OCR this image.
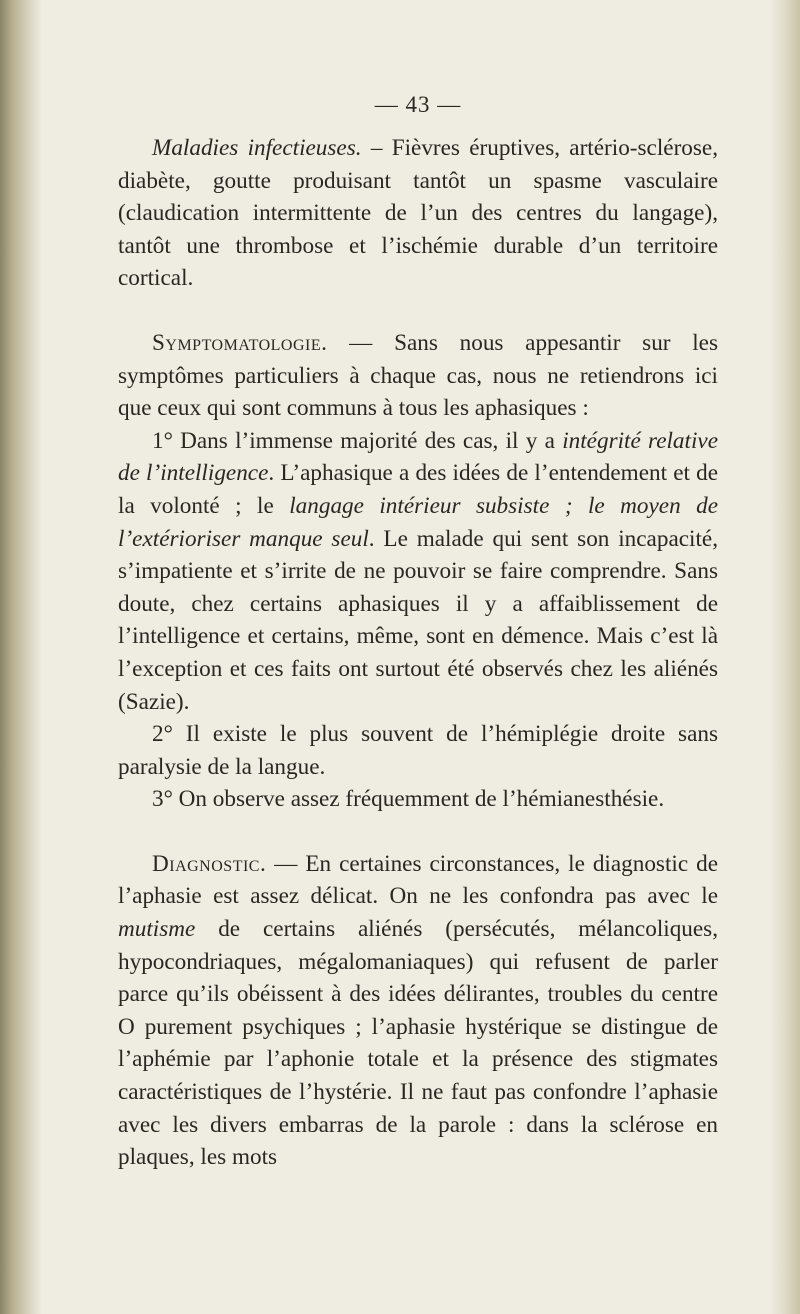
— 43 —

Maladies infectieuses. – Fièvres éruptives, artério-sclérose, diabète, goutte produisant tantôt un spasme vasculaire (claudication intermittente de l’un des centres du langage), tantôt une thrombose et l’ischémie durable d’un territoire cortical.

Symptomatologie. — Sans nous appesantir sur les symptômes particuliers à chaque cas, nous ne retiendrons ici que ceux qui sont communs à tous les aphasiques :

1° Dans l’immense majorité des cas, il y a intégrité relative de l’intelligence. L’aphasique a des idées de l’entendement et de la volonté ; le langage intérieur subsiste ; le moyen de l’extérioriser manque seul. Le malade qui sent son incapacité, s’impatiente et s’irrite de ne pouvoir se faire comprendre. Sans doute, chez certains aphasiques il y a affaiblissement de l’intelligence et certains, même, sont en démence. Mais c’est là l’exception et ces faits ont surtout été observés chez les aliénés (Sazie).

2° Il existe le plus souvent de l’hémiplégie droite sans paralysie de la langue.

3° On observe assez fréquemment de l’hémianesthésie.

Diagnostic. — En certaines circonstances, le diagnostic de l’aphasie est assez délicat. On ne les confondra pas avec le mutisme de certains aliénés (persécutés, mélancoliques, hypocondriaques, mégalomaniaques) qui refusent de parler parce qu’ils obéissent à des idées délirantes, troubles du centre O purement psychiques ; l’aphasie hystérique se distingue de l’aphémie par l’aphonie totale et la présence des stigmates caractéristiques de l’hystérie. Il ne faut pas confondre l’aphasie avec les divers embarras de la parole : dans la sclérose en plaques, les mots
